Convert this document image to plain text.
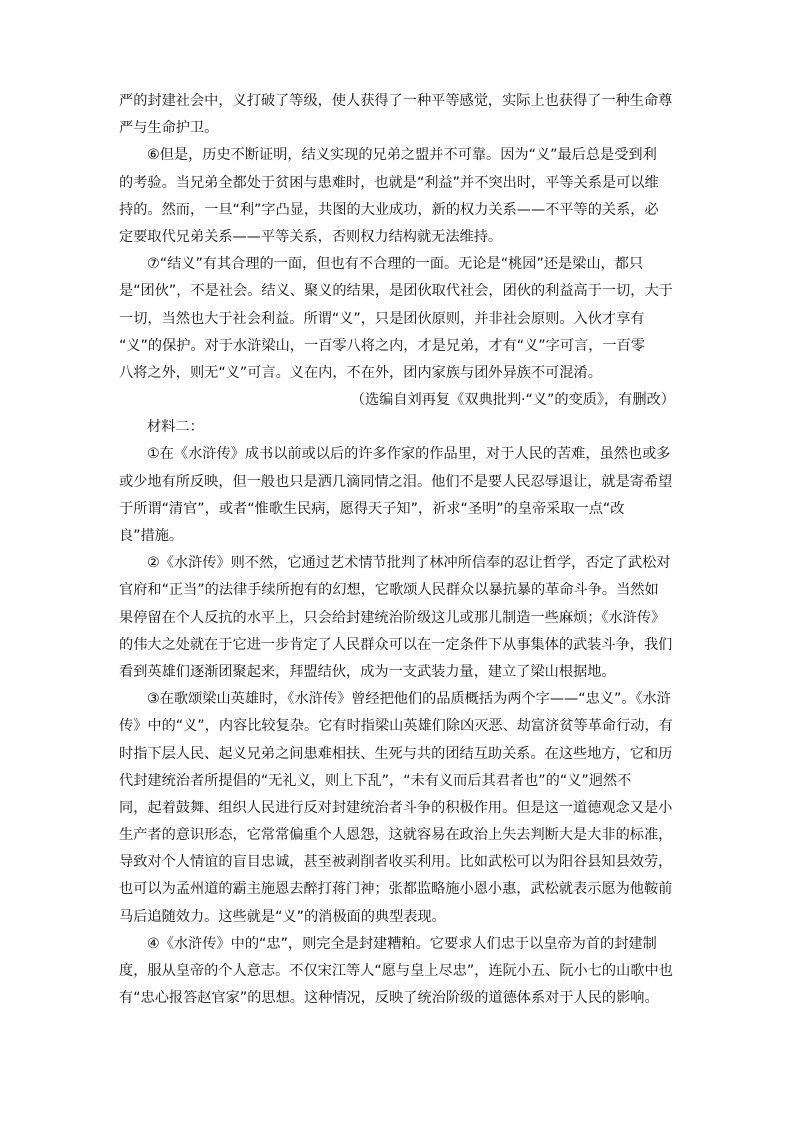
严的封建社会中，义打破了等级，使人获得了一种平等感觉，实际上也获得了一种生命尊
严与生命护卫。
⑥但是，历史不断证明，结义实现的兄弟之盟并不可靠。因为“义”最后总是受到利
的考验。当兄弟全都处于贫困与患难时，也就是“利益”并不突出时，平等关系是可以维
持的。然而，一旦“利”字凸显，共图的大业成功，新的权力关系——不平等的关系，必
定要取代兄弟关系——平等关系，否则权力结构就无法维持。
⑦“结义”有其合理的一面，但也有不合理的一面。无论是“桃园”还是梁山，都只
是“团伙”，不是社会。结义、聚义的结果，是团伙取代社会，团伙的利益高于一切，大于
一切，当然也大于社会利益。所谓“义”，只是团伙原则，并非社会原则。入伙才享有
“义”的保护。对于水浒梁山，一百零八将之内，才是兄弟，才有“义”字可言，一百零
八将之外，则无“义”可言。义在内，不在外，团内家族与团外异族不可混淆。
（选编自刘再复《双典批判·“义”的变质》，有删改）
材料二：
①在《水浒传》成书以前或以后的许多作家的作品里，对于人民的苦难，虽然也或多
或少地有所反映，但一般也只是洒几滴同情之泪。他们不是要人民忍辱退让，就是寄希望
于所谓“清官”，或者“惟歌生民病，愿得天子知”，祈求“圣明”的皇帝采取一点“改
良”措施。
②《水浒传》则不然，它通过艺术情节批判了林冲所信奉的忍让哲学，否定了武松对
官府和“正当”的法律手续所抱有的幻想，它歌颂人民群众以暴抗暴的革命斗争。当然如
果停留在个人反抗的水平上，只会给封建统治阶级这儿或那儿制造一些麻烦；《水浒传》
的伟大之处就在于它进一步肯定了人民群众可以在一定条件下从事集体的武装斗争，我们
看到英雄们逐渐团聚起来，拜盟结伙，成为一支武装力量，建立了梁山根据地。
③在歌颂梁山英雄时，《水浒传》曾经把他们的品质概括为两个字——“忠义”。《水浒
传》中的“义”，内容比较复杂。它有时指梁山英雄们除凶灭恶、劫富济贫等革命行动，有
时指下层人民、起义兄弟之间患难相扶、生死与共的团结互助关系。在这些地方，它和历
代封建统治者所提倡的“无礼义，则上下乱”，“未有义而后其君者也”的“义”迥然不
同，起着鼓舞、组织人民进行反对封建统治者斗争的积极作用。但是这一道德观念又是小
生产者的意识形态，它常常偏重个人恩怨，这就容易在政治上失去判断大是大非的标准，
导致对个人情谊的盲目忠诚，甚至被剥削者收买利用。比如武松可以为阳谷县知县效劳，
也可以为孟州道的霸主施恩去醉打蒋门神；张都监略施小恩小惠，武松就表示愿为他鞍前
马后追随效力。这些就是“义”的消极面的典型表现。
④《水浒传》中的“忠”，则完全是封建糟粕。它要求人们忠于以皇帝为首的封建制
度，服从皇帝的个人意志。不仅宋江等人“愿与皇上尽忠”，连阮小五、阮小七的山歌中也
有“忠心报答赵官家”的思想。这种情况，反映了统治阶级的道德体系对于人民的影响。
